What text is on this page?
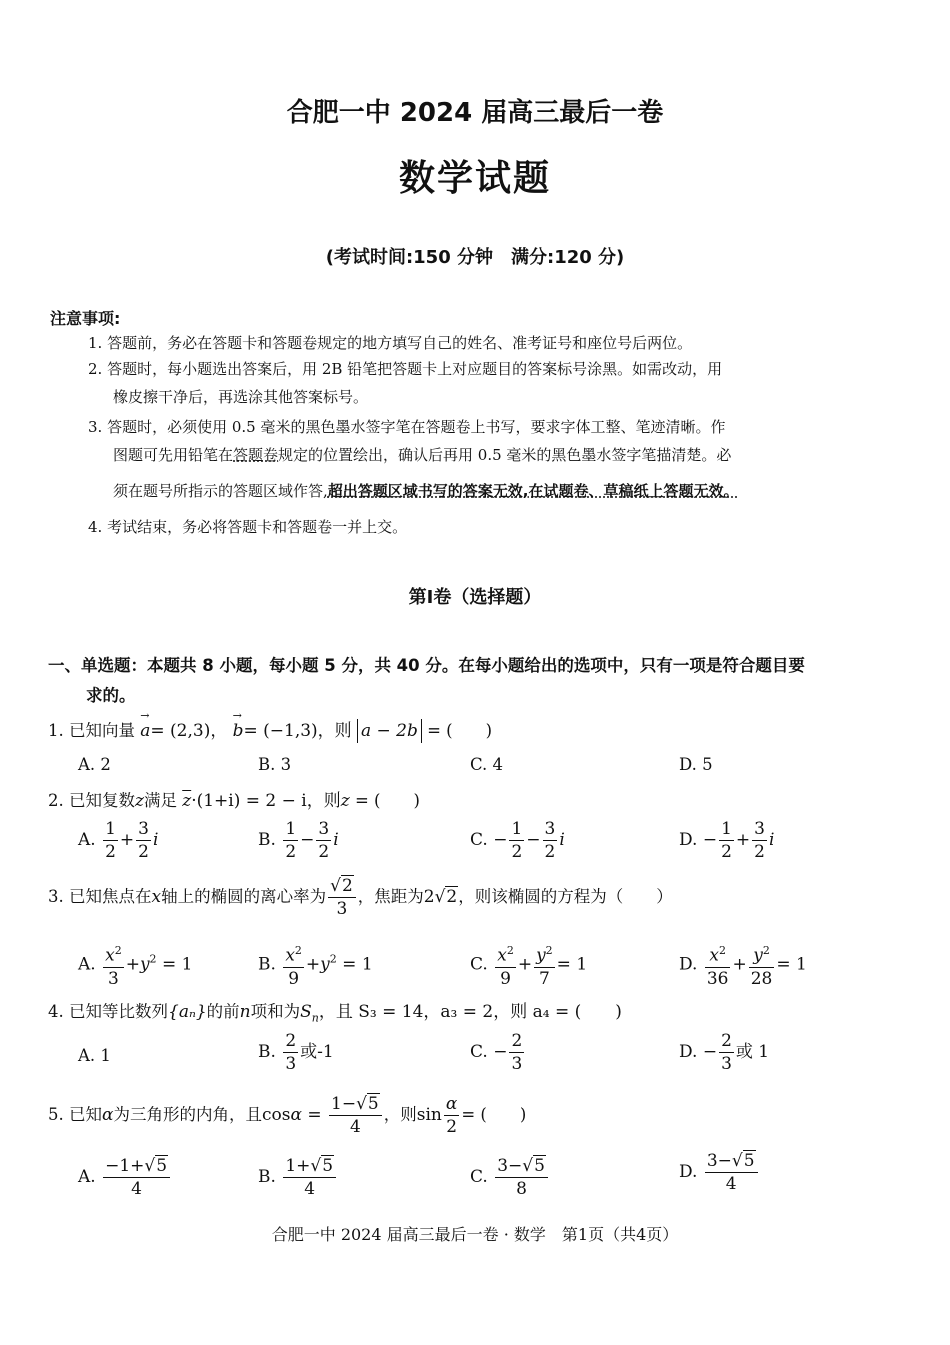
合肥一中 2024 届高三最后一卷
数学试题
(考试时间:150 分钟　满分:120 分)
注意事项:
1. 答题前，务必在答题卡和答题卷规定的地方填写自己的姓名、准考证号和座位号后两位。
2. 答题时，每小题选出答案后，用 2B 铅笔把答题卡上对应题目的答案标号涂黑。如需改动，用
橡皮擦干净后，再选涂其他答案标号。
3. 答题时，必须使用 0.5 毫米的黑色墨水签字笔在答题卷上书写，要求字体工整、笔迹清晰。作
图题可先用铅笔在答题卷规定的位置绘出，确认后再用 0.5 毫米的黑色墨水签字笔描清楚。必
须在题号所指示的答题区域作答,超出答题区域书写的答案无效,在试题卷、草稿纸上答题无效。
4. 考试结束，务必将答题卡和答题卷一并上交。
第Ⅰ卷（选择题）
一、单选题：本题共 8 小题，每小题 5 分，共 40 分。在每小题给出的选项中，只有一项是符合题目要
求的。
1. 已知向量 → a= (2,3)， → b= (−1,3)，则 a − 2b = (　　)
A. 2	B. 3	C. 4	D. 5
2. 已知复数z满足 $\overline{z}\cdot(1+i) = 2 - i$，则z = (　　)
A. $\frac{1}{2} + \frac{3}{2}$ i	B. $\frac{1}{2} - \frac{3}{2}$ i	C. − $\frac{1}{2} - \frac{3}{2}$ i	D. − $\frac{1}{2} + \frac{3}{2}$ i
3. 已知焦点在x轴上的椭圆的离心率为 $\frac{√2}{3}$ ，焦距为2√2，则该椭圆的方程为（　　）
A. $\frac{x^2}{3} +y^2 = 1$	B. $\frac{x^2}{9} +y^2 = 1$	C. $\frac{x^2}{9} + \frac{y^2}{7} = 1$	D. $\frac{x^2}{36} + \frac{y^2}{28} = 1$
4. 已知等比数列{aₙ}的前n项和为$S_n$，且 S₃ = 14，a₃ = 2，则 a₄ = (　　)
A. 1	B. $\frac{2}{3}$ 或-1	C. − $\frac{2}{3}$	D. − $\frac{2}{3}$ 或 1
5. 已知α为三角形的内角，且$\cos\alpha = \frac{1-√5}{4}$ ，则$\sin \frac{\alpha}{2}$ = (　　)
A. $\frac{-1+√5}{4}$	B. $\frac{1+√5}{4}$	C. $\frac{3-√5}{8}$	D. $\frac{3-√5}{4}$
合肥一中 2024 届高三最后一卷 · 数学　第1页（共4页）
